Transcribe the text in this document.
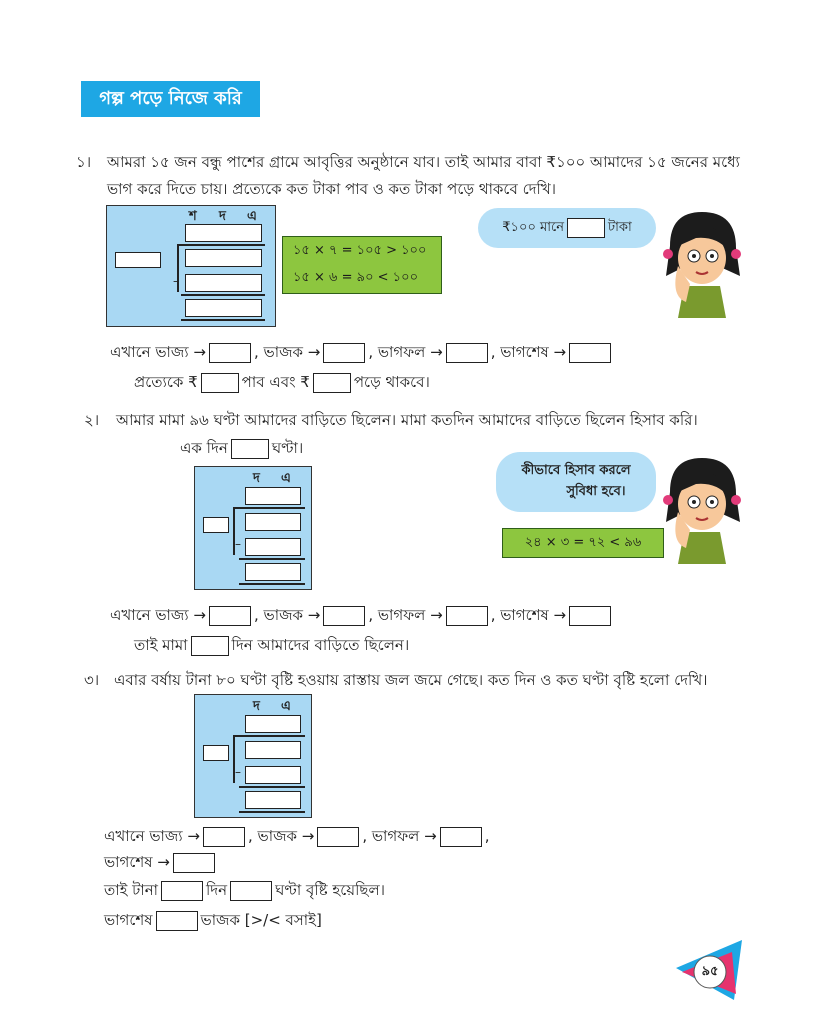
গল্প পড়ে নিজে করি
১। আমরা ১৫ জন বন্ধু পাশের গ্রামে আবৃত্তির অনুষ্ঠানে যাব। তাই আমার বাবা ₹১০০ আমাদের ১৫ জনের মধ্যে
ভাগ করে দিতে চায়। প্রত্যেকে কত টাকা পাব ও কত টাকা পড়ে থাকবে দেখি।
শ দ এ
–
১৫ × ৭ = ১০৫ > ১০০
১৫ × ৬ = ৯০ < ১০০
₹১০০ মানে	টাকা
এখানে ভাজ্য →	, ভাজক →	, ভাগফল →	, ভাগশেষ →
প্রত্যেকে ₹	পাব এবং ₹	পড়ে থাকবে।
২। আমার মামা ৯৬ ঘণ্টা আমাদের বাড়িতে ছিলেন। মামা কতদিন আমাদের বাড়িতে ছিলেন হিসাব করি।
এক দিন	ঘণ্টা।
দ এ
–
কীভাবে হিসাব করলে
সুবিধা হবে।
২৪ × ৩ = ৭২ < ৯৬
এখানে ভাজ্য →	, ভাজক →	, ভাগফল →	, ভাগশেষ →
তাই মামা	দিন আমাদের বাড়িতে ছিলেন।
৩। এবার বর্ষায় টানা ৮০ ঘণ্টা বৃষ্টি হওয়ায় রাস্তায় জল জমে গেছে। কত দিন ও কত ঘণ্টা বৃষ্টি হলো দেখি।
দ এ
–
এখানে ভাজ্য →	, ভাজক →	, ভাগফল →	,
ভাগশেষ →
তাই টানা	দিন	ঘণ্টা বৃষ্টি হয়েছিল।
ভাগশেষ	ভাজক [>/< বসাই]
৯৫
